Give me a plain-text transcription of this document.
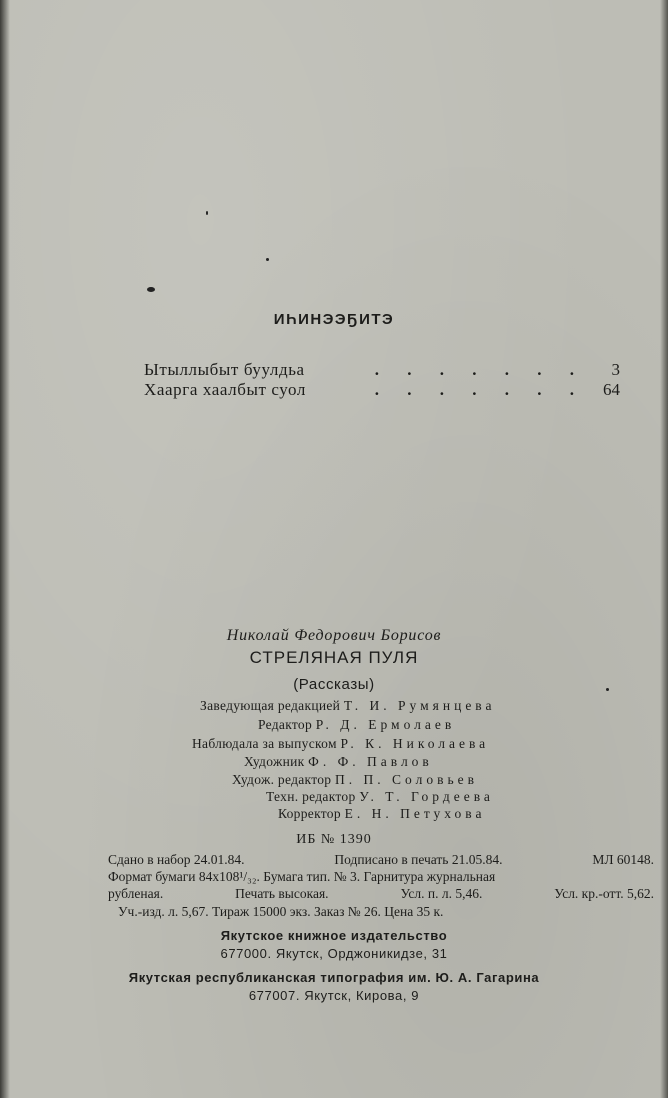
ИҺИНЭЭҔИТЭ
Ытыллыбыт буулдьа	. . . . . . .	3
Хаарга хаалбыт суол	. . . . . . .	64
Николай Федорович Борисов
СТРЕЛЯНАЯ ПУЛЯ
(Рассказы)
Заведующая редакцией Т. И. Румянцева
Редактор Р. Д. Ермолаев
Наблюдала за выпуском Р. К. Николаева
Художник Ф. Ф. Павлов
Худож. редактор П. П. Соловьев
Техн. редактор У. Т. Гордеева
Корректор Е. Н. Петухова
ИБ № 1390
Сдано в набор 24.01.84.	Подписано в печать 21.05.84.	МЛ 60148.
Формат бумаги 84х108¹/₃₂. Бумага тип. № 3. Гарнитура журнальная
рубленая.	Печать высокая.	Усл. п. л. 5,46.	Усл. кр.-отт. 5,62.
Уч.-изд. л. 5,67. Тираж 15000 экз. Заказ № 26. Цена 35 к.
Якутское книжное издательство
677000. Якутск, Орджоникидзе, 31
Якутская республиканская типография им. Ю. А. Гагарина
677007. Якутск, Кирова, 9
